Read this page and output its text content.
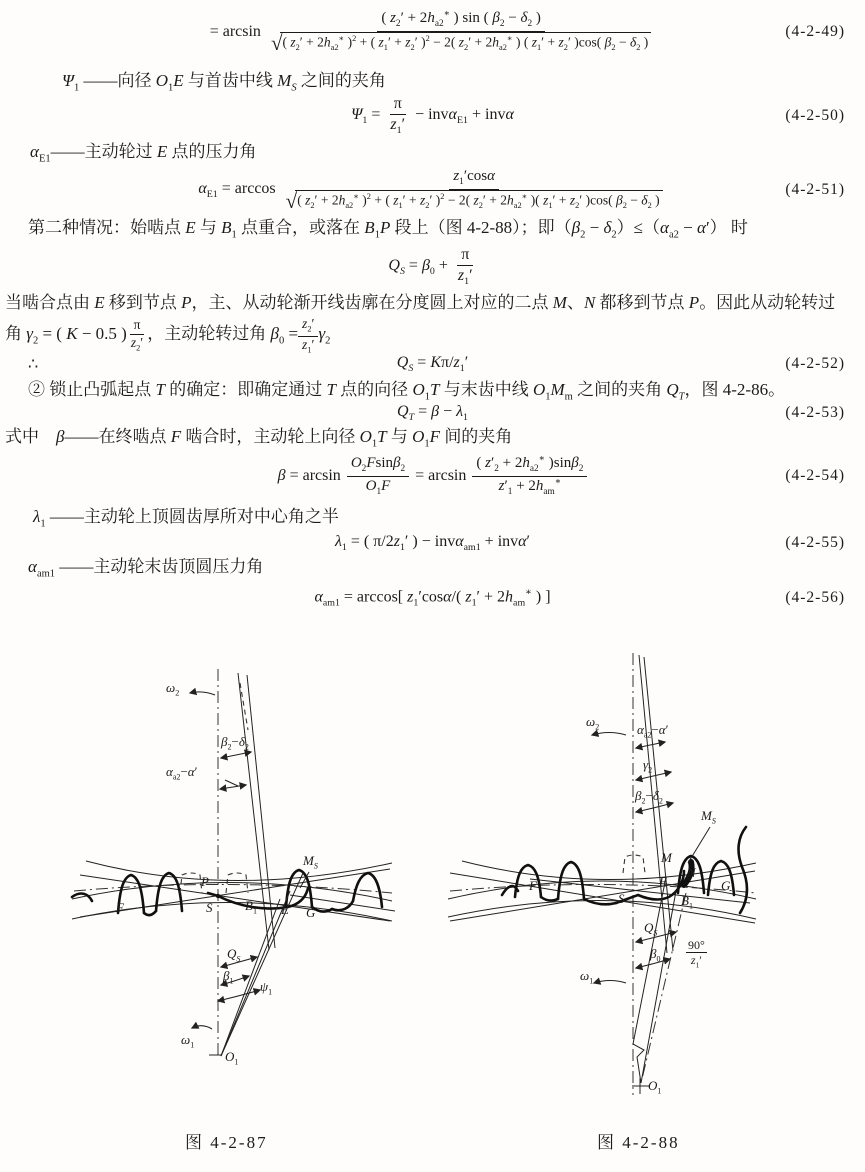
= arcsin
( $z_2' + 2h_{a2}^∗$ ) sin ( $\beta_2 - \delta_2$ )
√ ( $z_2' + 2h_{a2}^∗$ )$^2$ + ( $z_1' + z_2'$ )$^2$ − 2( $z_2' + 2h_{a2}^∗$ ) ( $z_1' + z_2'$ )cos( $\beta_2 - \delta_2$ )
(4-2-49)
$\Psi_1$ ——向径 $O_1E$ 与首齿中线 $M_S$ 之间的夹角
$\Psi_1 = \frac{\pi}{z_1'} - inv\alpha_{E1} + inv\alpha$	(4-2-50)
$\alpha_{E1}——$主动轮过 E 点的压力角
$\alpha_{E1} = \arccos$
$z_1'\cos\alpha$
√ ( $z_2' + 2h_{a2}^∗$ )$^2$ + ( $z_1' + z_2'$ )$^2$ − 2( $z_2' + 2h_{a2}^∗$ )( $z_1' + z_2'$ )cos( $\beta_2 - \delta_2$ )
(4-2-51)
第二种情况：始啮点 E 与 $B_1$ 点重合，或落在 $B_1P$ 段上（图 4-2-88）；即$(\beta_2 - \delta_2)\le(\alpha_{a2} - \alpha')$ 时
$Q_S = \beta_0 + \frac{\pi}{z_1'}$
当啮合点由 E 移到节点 P，主、从动轮渐开线齿廓在分度圆上对应的二点 M、N 都移到节点 P。因此从动轮转过
角 $\gamma_2$ = ( K − 0.5 ) $\frac{\pi}{z_2'}$ ，主动轮转过角 $\beta_0 = \frac{z_2'}{z_1'} \gamma_2$
∴	$Q_S = K\pi/z_1'$	(4-2-52)
② 锁止凸弧起点 T 的确定：即确定通过 T 点的向径 $O_1T$ 与末齿中线 $O_1M_m$ 之间的夹角 $Q_T$，图 4-2-86。
$Q_T = \beta - \lambda_1$	(4-2-53)
式中　β——在终啮点 F 啮合时，主动轮上向径 $O_1T$ 与 $O_1F$ 间的夹角
$\beta = \arcsin \frac{O_2Fsin\beta_2}{O_1F} = \arcsin \frac{( z'_2 + 2h_{a2}^∗ )\sin\beta_2}{z'_1 + 2h_{am}^∗}$	(4-2-54)
$\lambda_1$ ——主动轮上顶圆齿厚所对中心角之半
$\lambda_1$ = ( $\pi/2z_1'$ ) − invα$_{am1}$ + invα′	(4-2-55)
$\alpha_{am1}$ ——主动轮末齿顶圆压力角
$\alpha_{am1} = \arccos$[ $z_1'\cos\alpha/$( $z_1' + 2h_{am}^∗$ ) ]	(4-2-56)
$\omega_2$
$\beta_2-\delta_2$
$\alpha_{a2}-\alpha'$
$M_S$
P
F	S	$B_1$ E G
$Q_S$
$\beta_1$ $\psi_1$
$\omega_1$
$O_1$
$\omega_2$	$\alpha_{a2}-\alpha'$
$\gamma_2$
$\beta_2-\delta_2$
$M_S$
M
N
E
F	G
S	$B_1$
$Q_S$
$\beta_0 \frac{90^\circ}{z_1'}$
$\omega_1$
$O_1$
图 4-2-87	图 4-2-88
